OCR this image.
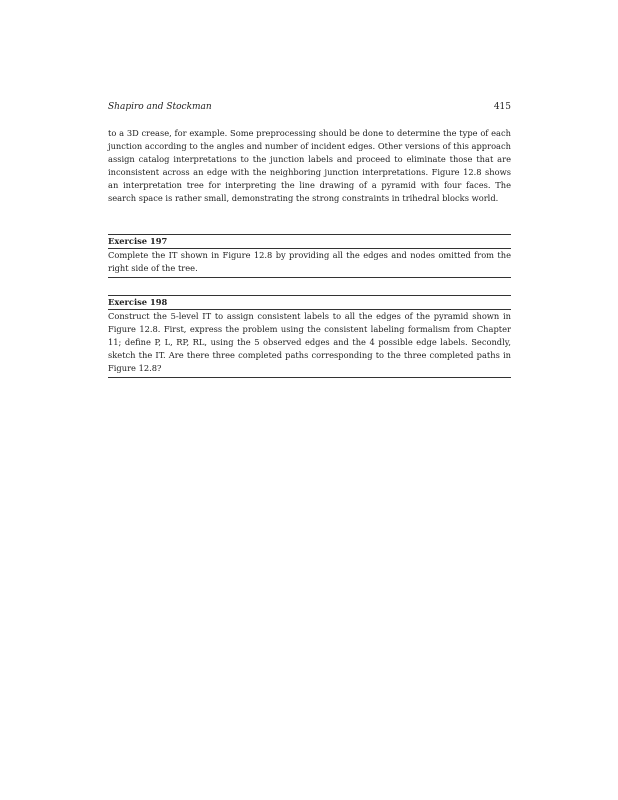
Shapiro and Stockman	415

to a 3D crease, for example. Some preprocessing should be done to determine the type of each junction according to the angles and number of incident edges. Other versions of this approach assign catalog interpretations to the junction labels and proceed to eliminate those that are inconsistent across an edge with the neighboring junction interpretations. Figure 12.8 shows an interpretation tree for interpreting the line drawing of a pyramid with four faces. The search space is rather small, demonstrating the strong constraints in trihedral blocks world.

Exercise 197

Complete the IT shown in Figure 12.8 by providing all the edges and nodes omitted from the right side of the tree.

Exercise 198

Construct the 5-level IT to assign consistent labels to all the edges of the pyramid shown in Figure 12.8. First, express the problem using the consistent labeling formalism from Chapter 11; define P, L, RP, RL, using the 5 observed edges and the 4 possible edge labels. Secondly, sketch the IT. Are there three completed paths corresponding to the three completed paths in Figure 12.8?
